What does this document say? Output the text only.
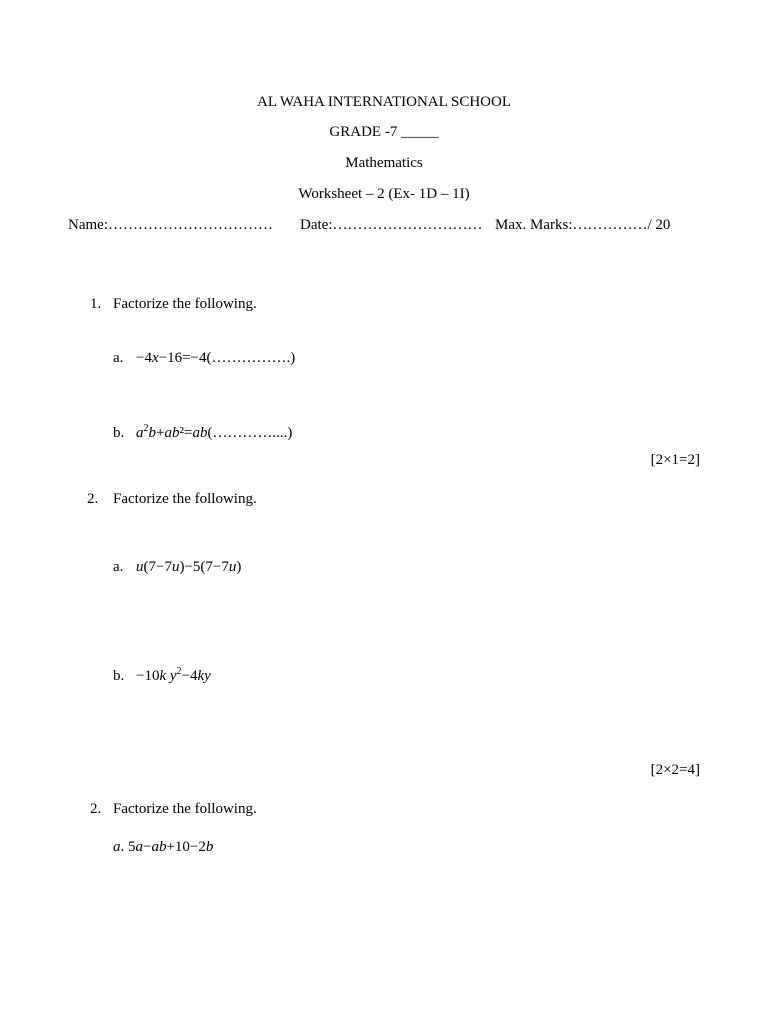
AL WAHA INTERNATIONAL SCHOOL
GRADE -7 _____
Mathematics
Worksheet – 2 (Ex- 1D – 1I)
Name:…………………………… Date:………………………… Max. Marks:……………/ 20
1. Factorize the following.
a. −4x−16=−4(…………….)
b. $a^2b+ab^2=ab(\dots\dots\dots\dots....)$
[2×1=2]
2. Factorize the following.
a. u(7−7u)−5(7−7u)
b. −10k $y^2-4ky$
[2×2=4]
2. Factorize the following.
a. 5a−ab+10−2b
